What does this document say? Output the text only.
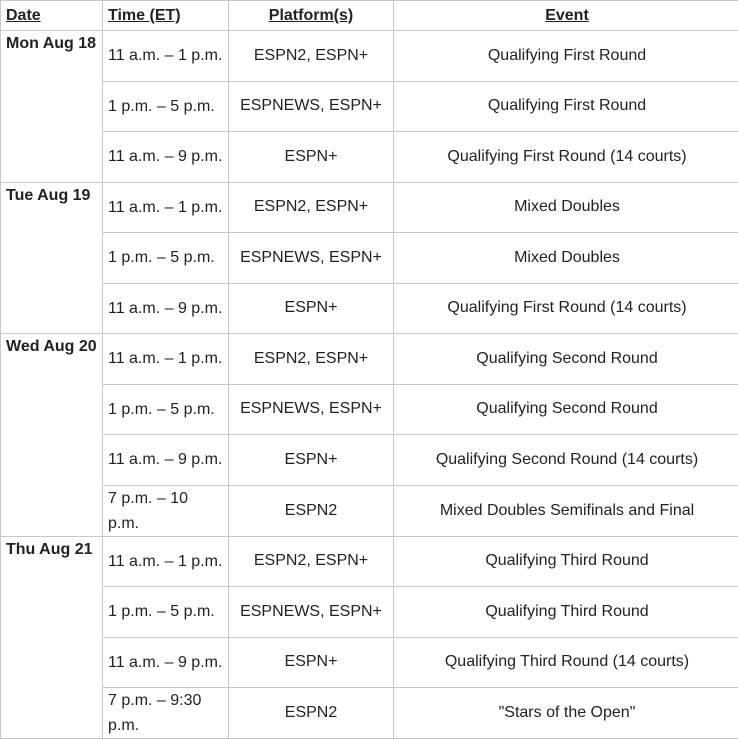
Date	Time (ET)	Platform(s)	Event
Mon Aug 18	11 a.m. – 1 p.m.	ESPN2, ESPN+	Qualifying First Round
	1 p.m. – 5 p.m.	ESPNEWS, ESPN+	Qualifying First Round
	11 a.m. – 9 p.m.	ESPN+	Qualifying First Round (14 courts)
Tue Aug 19	11 a.m. – 1 p.m.	ESPN2, ESPN+	Mixed Doubles
	1 p.m. – 5 p.m.	ESPNEWS, ESPN+	Mixed Doubles
	11 a.m. – 9 p.m.	ESPN+	Qualifying First Round (14 courts)
Wed Aug 20	11 a.m. – 1 p.m.	ESPN2, ESPN+	Qualifying Second Round
	1 p.m. – 5 p.m.	ESPNEWS, ESPN+	Qualifying Second Round
	11 a.m. – 9 p.m.	ESPN+	Qualifying Second Round (14 courts)
	7 p.m. – 10 p.m.	ESPN2	Mixed Doubles Semifinals and Final
Thu Aug 21	11 a.m. – 1 p.m.	ESPN2, ESPN+	Qualifying Third Round
	1 p.m. – 5 p.m.	ESPNEWS, ESPN+	Qualifying Third Round
	11 a.m. – 9 p.m.	ESPN+	Qualifying Third Round (14 courts)
	7 p.m. – 9:30 p.m.	ESPN2	"Stars of the Open"
